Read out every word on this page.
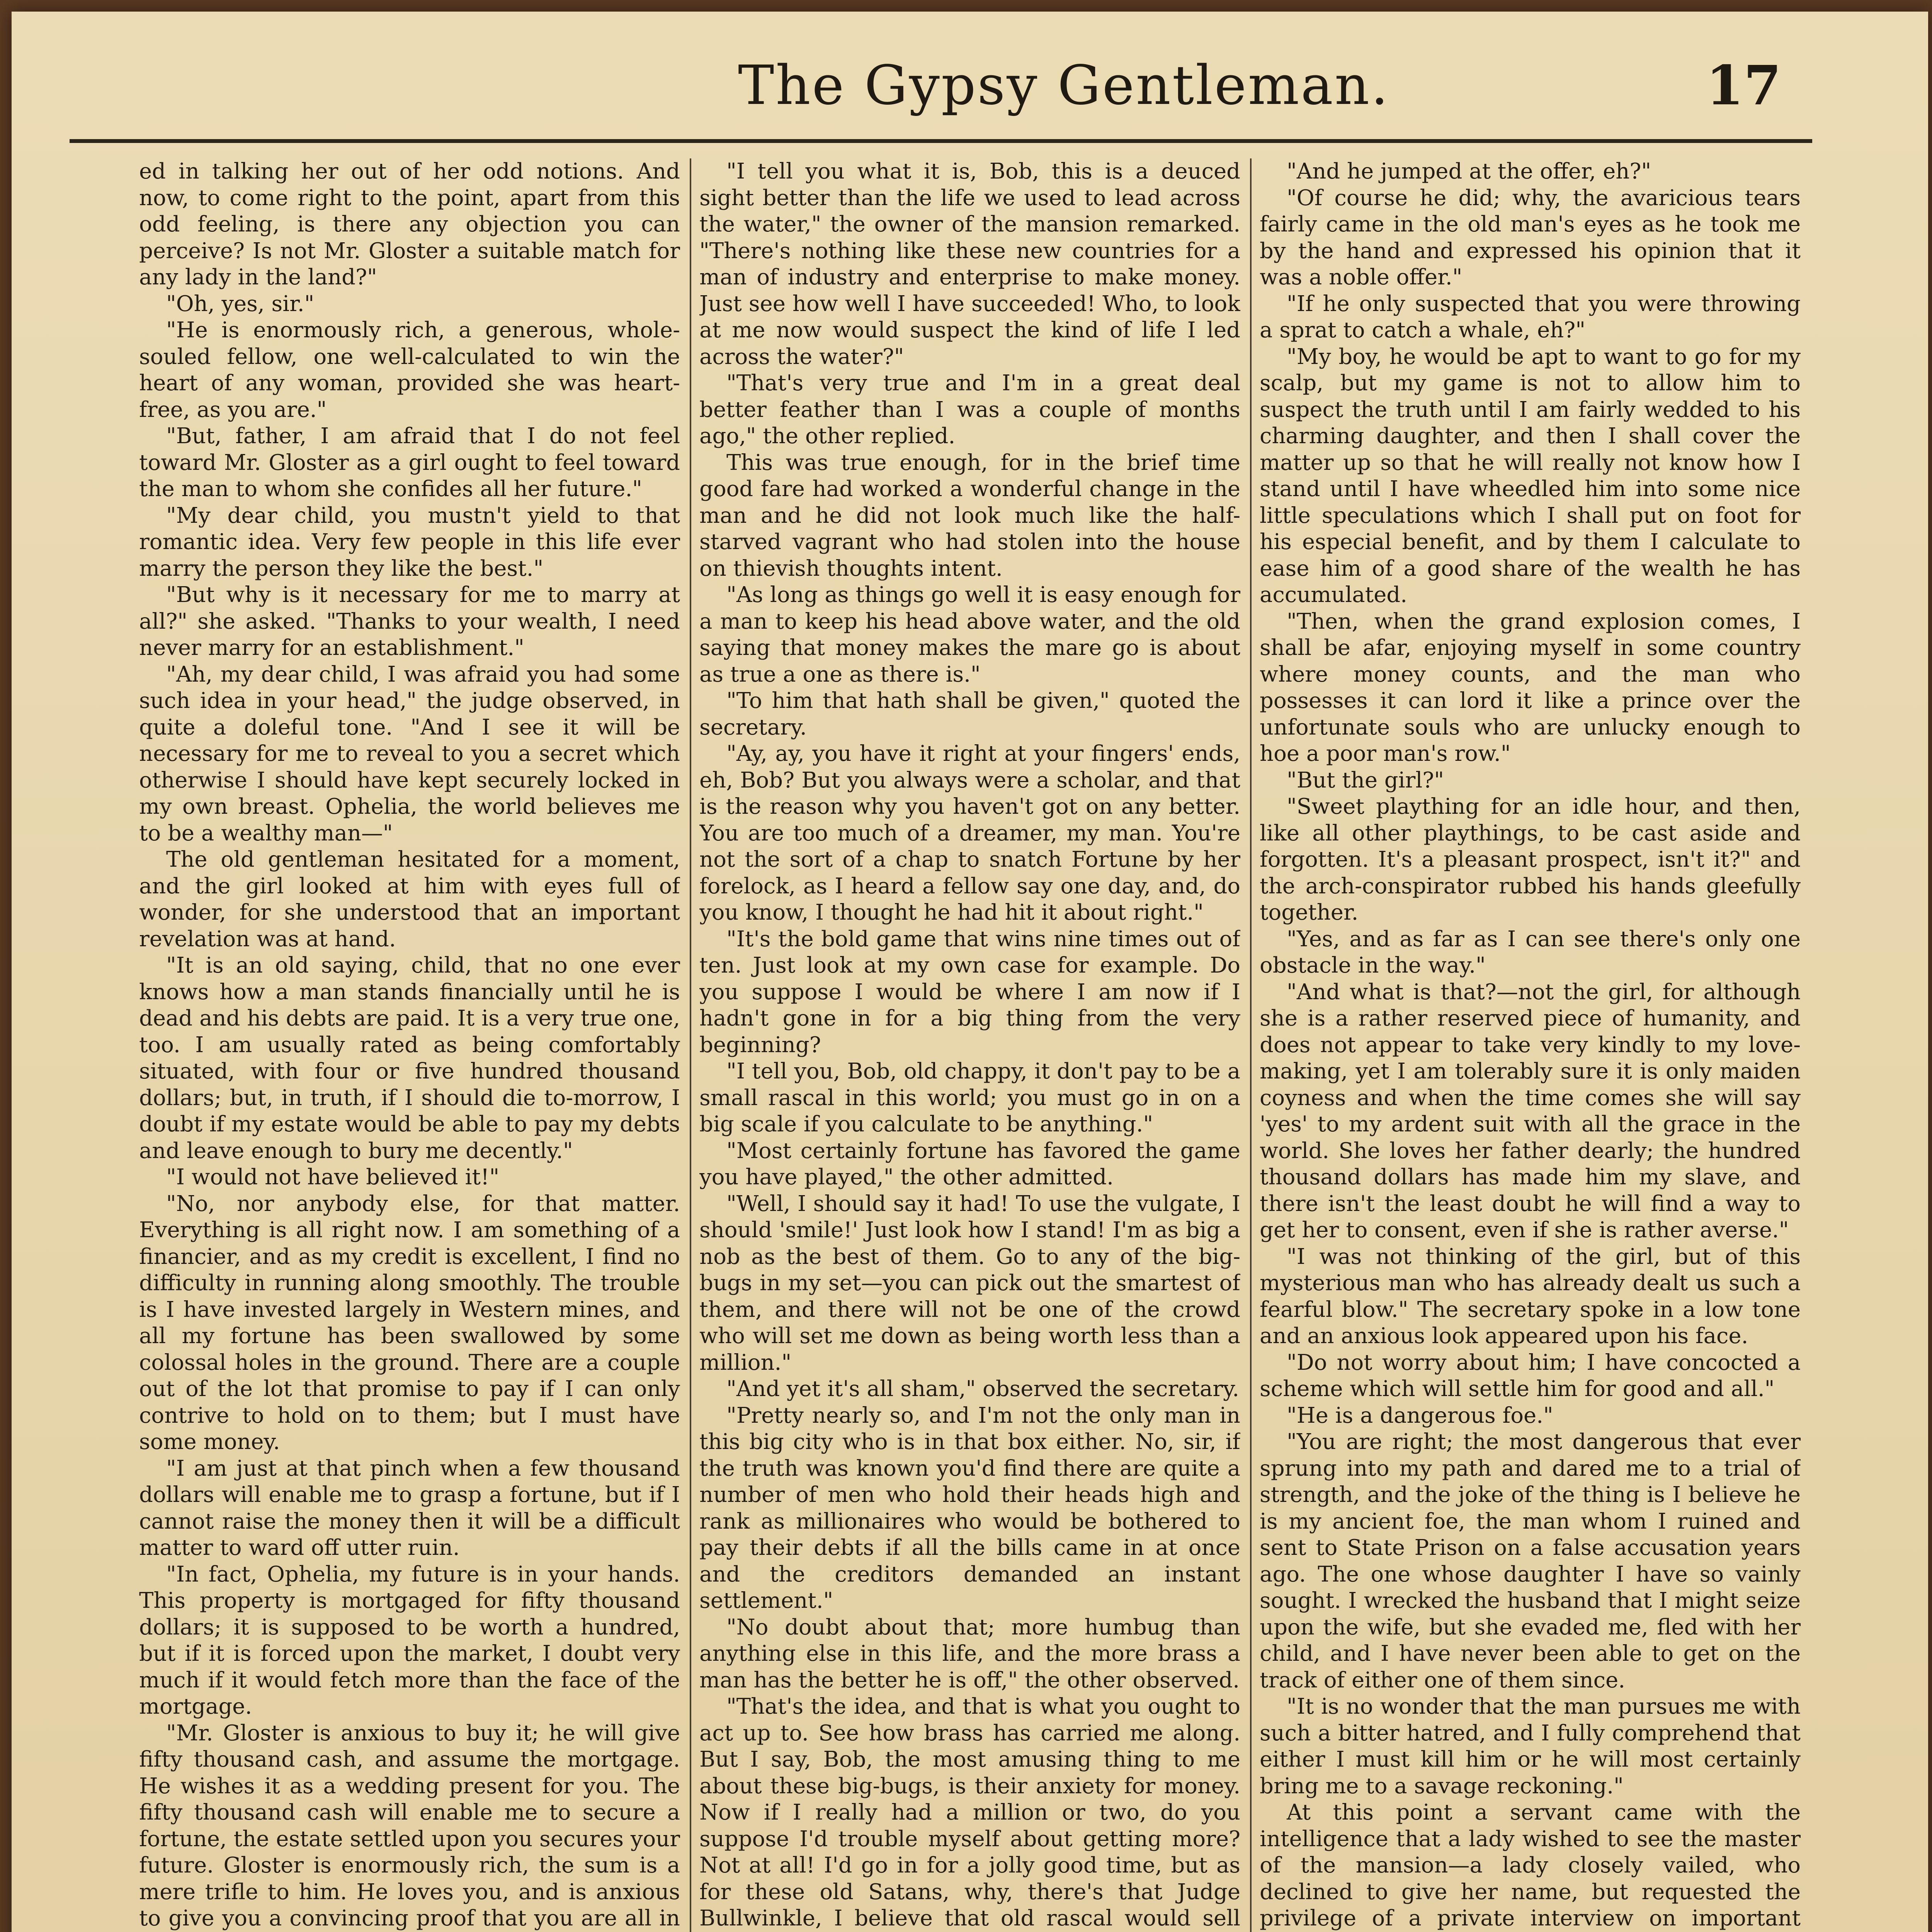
The Gypsy Gentleman.	17

ed in talking her out of her odd notions. And now, to come right to the point, apart from this odd feeling, is there any objection you can perceive? Is not Mr. Gloster a suitable match for any lady in the land?"

"Oh, yes, sir."

"He is enormously rich, a generous, whole-souled fellow, one well-calculated to win the heart of any woman, provided she was heart-free, as you are."

"But, father, I am afraid that I do not feel toward Mr. Gloster as a girl ought to feel toward the man to whom she confides all her future."

"My dear child, you mustn't yield to that romantic idea. Very few people in this life ever marry the person they like the best."

"But why is it necessary for me to marry at all?" she asked. "Thanks to your wealth, I need never marry for an establishment."

"Ah, my dear child, I was afraid you had some such idea in your head," the judge observed, in quite a doleful tone. "And I see it will be necessary for me to reveal to you a secret which otherwise I should have kept securely locked in my own breast. Ophelia, the world believes me to be a wealthy man—"

The old gentleman hesitated for a moment, and the girl looked at him with eyes full of wonder, for she understood that an important revelation was at hand.

"It is an old saying, child, that no one ever knows how a man stands financially until he is dead and his debts are paid. It is a very true one, too. I am usually rated as being comfortably situated, with four or five hundred thousand dollars; but, in truth, if I should die to-morrow, I doubt if my estate would be able to pay my debts and leave enough to bury me decently."

"I would not have believed it!"

"No, nor anybody else, for that matter. Everything is all right now. I am something of a financier, and as my credit is excellent, I find no difficulty in running along smoothly. The trouble is I have invested largely in Western mines, and all my fortune has been swallowed by some colossal holes in the ground. There are a couple out of the lot that promise to pay if I can only contrive to hold on to them; but I must have some money.

"I am just at that pinch when a few thousand dollars will enable me to grasp a fortune, but if I cannot raise the money then it will be a difficult matter to ward off utter ruin.

"In fact, Ophelia, my future is in your hands. This property is mortgaged for fifty thousand dollars; it is supposed to be worth a hundred, but if it is forced upon the market, I doubt very much if it would fetch more than the face of the mortgage.

"Mr. Gloster is anxious to buy it; he will give fifty thousand cash, and assume the mortgage. He wishes it as a wedding present for you. The fifty thousand cash will enable me to secure a fortune, the estate settled upon you secures your future. Gloster is enormously rich, the sum is a mere trifle to him. He loves you, and is anxious to give you a convincing proof that you are all in

"I tell you what it is, Bob, this is a deuced sight better than the life we used to lead across the water," the owner of the mansion remarked. "There's nothing like these new countries for a man of industry and enterprise to make money. Just see how well I have succeeded! Who, to look at me now would suspect the kind of life I led across the water?"

"That's very true and I'm in a great deal better feather than I was a couple of months ago," the other replied.

This was true enough, for in the brief time good fare had worked a wonderful change in the man and he did not look much like the half-starved vagrant who had stolen into the house on thievish thoughts intent.

"As long as things go well it is easy enough for a man to keep his head above water, and the old saying that money makes the mare go is about as true a one as there is."

"To him that hath shall be given," quoted the secretary.

"Ay, ay, you have it right at your fingers' ends, eh, Bob? But you always were a scholar, and that is the reason why you haven't got on any better. You are too much of a dreamer, my man. You're not the sort of a chap to snatch Fortune by her forelock, as I heard a fellow say one day, and, do you know, I thought he had hit it about right."

"It's the bold game that wins nine times out of ten. Just look at my own case for example. Do you suppose I would be where I am now if I hadn't gone in for a big thing from the very beginning?

"I tell you, Bob, old chappy, it don't pay to be a small rascal in this world; you must go in on a big scale if you calculate to be anything."

"Most certainly fortune has favored the game you have played," the other admitted.

"Well, I should say it had! To use the vulgate, I should 'smile!' Just look how I stand! I'm as big a nob as the best of them. Go to any of the big-bugs in my set—you can pick out the smartest of them, and there will not be one of the crowd who will set me down as being worth less than a million."

"And yet it's all sham," observed the secretary.

"Pretty nearly so, and I'm not the only man in this big city who is in that box either. No, sir, if the truth was known you'd find there are quite a number of men who hold their heads high and rank as millionaires who would be bothered to pay their debts if all the bills came in at once and the creditors demanded an instant settlement."

"No doubt about that; more humbug than anything else in this life, and the more brass a man has the better he is off," the other observed.

"That's the idea, and that is what you ought to act up to. See how brass has carried me along. But I say, Bob, the most amusing thing to me about these big-bugs, is their anxiety for money. Now if I really had a million or two, do you suppose I'd trouble myself about getting more? Not at all! I'd go in for a jolly good time, but as for these old Satans, why, there's that Judge Bullwinkle, I believe that old rascal would sell

"And he jumped at the offer, eh?"

"Of course he did; why, the avaricious tears fairly came in the old man's eyes as he took me by the hand and expressed his opinion that it was a noble offer."

"If he only suspected that you were throwing a sprat to catch a whale, eh?"

"My boy, he would be apt to want to go for my scalp, but my game is not to allow him to suspect the truth until I am fairly wedded to his charming daughter, and then I shall cover the matter up so that he will really not know how I stand until I have wheedled him into some nice little speculations which I shall put on foot for his especial benefit, and by them I calculate to ease him of a good share of the wealth he has accumulated.

"Then, when the grand explosion comes, I shall be afar, enjoying myself in some country where money counts, and the man who possesses it can lord it like a prince over the unfortunate souls who are unlucky enough to hoe a poor man's row."

"But the girl?"

"Sweet plaything for an idle hour, and then, like all other playthings, to be cast aside and forgotten. It's a pleasant prospect, isn't it?" and the arch-conspirator rubbed his hands gleefully together.

"Yes, and as far as I can see there's only one obstacle in the way."

"And what is that?—not the girl, for although she is a rather reserved piece of humanity, and does not appear to take very kindly to my love-making, yet I am tolerably sure it is only maiden coyness and when the time comes she will say 'yes' to my ardent suit with all the grace in the world. She loves her father dearly; the hundred thousand dollars has made him my slave, and there isn't the least doubt he will find a way to get her to consent, even if she is rather averse."

"I was not thinking of the girl, but of this mysterious man who has already dealt us such a fearful blow." The secretary spoke in a low tone and an anxious look appeared upon his face.

"Do not worry about him; I have concocted a scheme which will settle him for good and all."

"He is a dangerous foe."

"You are right; the most dangerous that ever sprung into my path and dared me to a trial of strength, and the joke of the thing is I believe he is my ancient foe, the man whom I ruined and sent to State Prison on a false accusation years ago. The one whose daughter I have so vainly sought. I wrecked the husband that I might seize upon the wife, but she evaded me, fled with her child, and I have never been able to get on the track of either one of them since.

"It is no wonder that the man pursues me with such a bitter hatred, and I fully comprehend that either I must kill him or he will most certainly bring me to a savage reckoning."

At this point a servant came with the intelligence that a lady wished to see the master of the mansion—a lady closely vailed, who declined to give her name, but requested the privilege of a private interview on important
